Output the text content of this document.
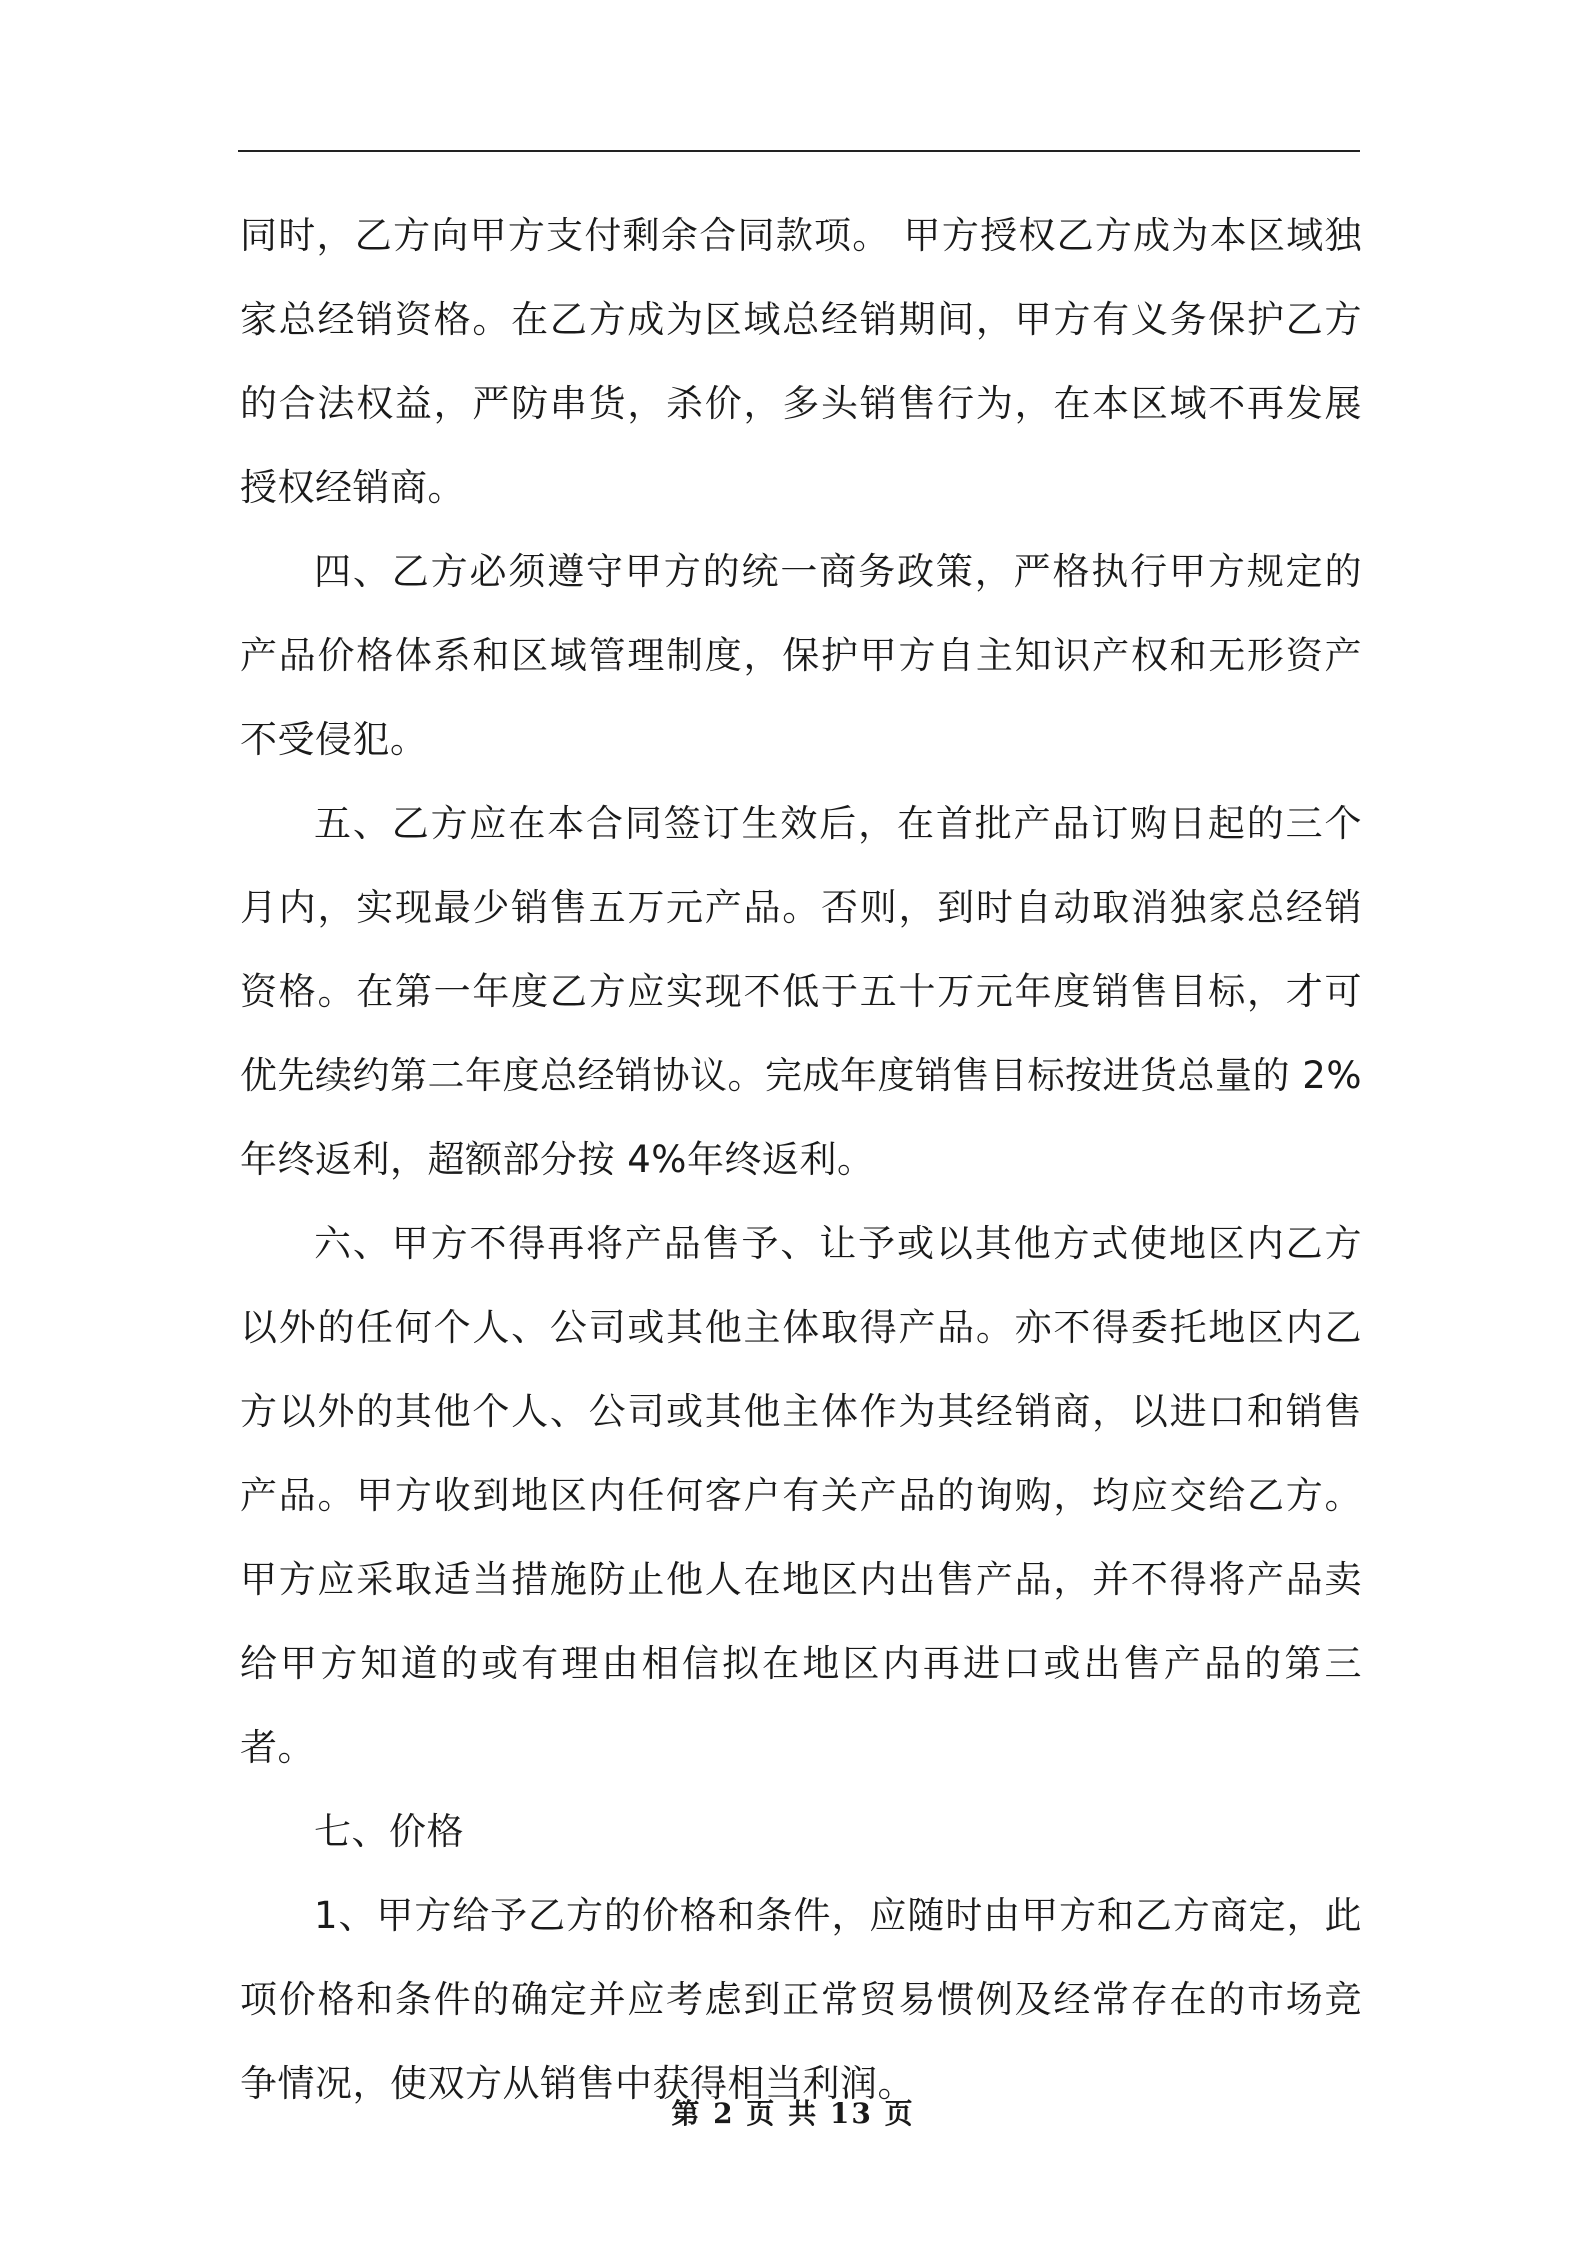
同时，乙方向甲方支付剩余合同款项。 甲方授权乙方成为本区域独家总经销资格。在乙方成为区域总经销期间，甲方有义务保护乙方的合法权益，严防串货，杀价，多头销售行为，在本区域不再发展授权经销商。

四、乙方必须遵守甲方的统一商务政策，严格执行甲方规定的产品价格体系和区域管理制度，保护甲方自主知识产权和无形资产不受侵犯。

五、乙方应在本合同签订生效后，在首批产品订购日起的三个月内，实现最少销售五万元产品。否则，到时自动取消独家总经销资格。在第一年度乙方应实现不低于五十万元年度销售目标，才可优先续约第二年度总经销协议。完成年度销售目标按进货总量的 2%年终返利，超额部分按 4%年终返利。

六、甲方不得再将产品售予、让予或以其他方式使地区内乙方以外的任何个人、公司或其他主体取得产品。亦不得委托地区内乙方以外的其他个人、公司或其他主体作为其经销商，以进口和销售产品。甲方收到地区内任何客户有关产品的询购，均应交给乙方。甲方应采取适当措施防止他人在地区内出售产品，并不得将产品卖给甲方知道的或有理由相信拟在地区内再进口或出售产品的第三者。

七、价格

1、甲方给予乙方的价格和条件，应随时由甲方和乙方商定，此项价格和条件的确定并应考虑到正常贸易惯例及经常存在的市场竞争情况，使双方从销售中获得相当利润。

第 2 页 共 13 页
